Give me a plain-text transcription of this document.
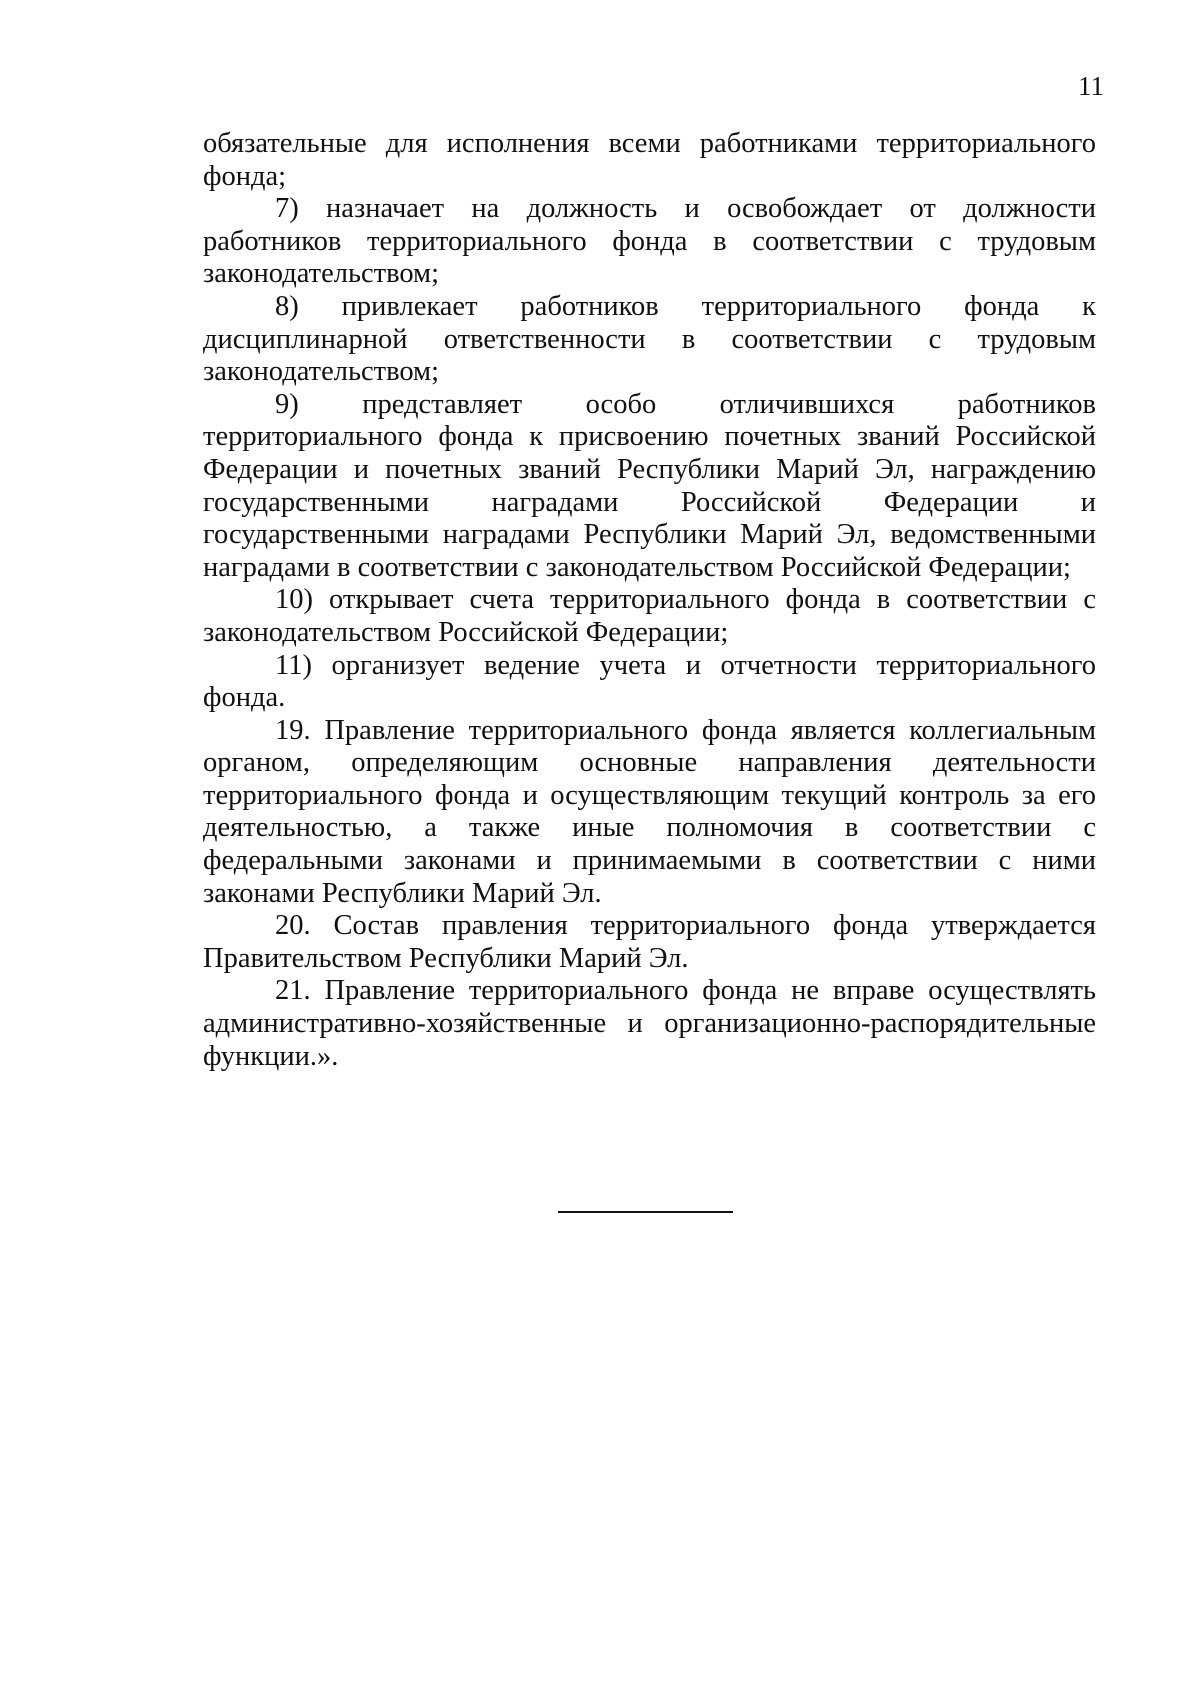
11

обязательные для исполнения всеми работниками территориального фонда;

7) назначает на должность и освобождает от должности работников территориального фонда в соответствии с трудовым законодательством;

8) привлекает работников территориального фонда к дисциплинарной ответственности в соответствии с трудовым законодательством;

9) представляет особо отличившихся работников территориального фонда к присвоению почетных званий Российской Федерации и почетных званий Республики Марий Эл, награждению государственными наградами Российской Федерации и государственными наградами Республики Марий Эл, ведомственными наградами в соответствии с законодательством Российской Федерации;

10) открывает счета территориального фонда в соответствии с законодательством Российской Федерации;

11) организует ведение учета и отчетности территориального фонда.

19. Правление территориального фонда является коллегиальным органом, определяющим основные направления деятельности территориального фонда и осуществляющим текущий контроль за его деятельностью, а также иные полномочия в соответствии с федеральными законами и принимаемыми в соответствии с ними законами Республики Марий Эл.

20. Состав правления территориального фонда утверждается Правительством Республики Марий Эл.

21. Правление территориального фонда не вправе осуществлять административно-хозяйственные и организационно-распорядительные функции.».
